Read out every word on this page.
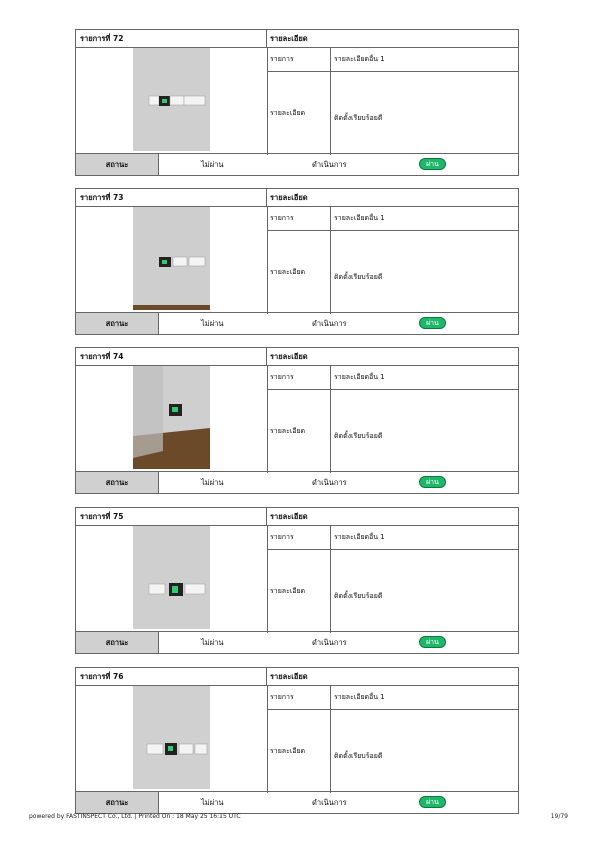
รายการที่ 72	รายละเอียด
รายการ	รายละเอียดอื่น 1
รายละเอียด
ติดตั้งเรียบร้อยดี
สถานะ	ไม่ผ่าน	ดำเนินการ	ผ่าน
รายการที่ 73	รายละเอียด
รายการ	รายละเอียดอื่น 1
รายละเอียด
ติดตั้งเรียบร้อยดี
สถานะ	ไม่ผ่าน	ดำเนินการ	ผ่าน
รายการที่ 74	รายละเอียด
รายการ	รายละเอียดอื่น 1
รายละเอียด
ติดตั้งเรียบร้อยดี
สถานะ	ไม่ผ่าน	ดำเนินการ	ผ่าน
รายการที่ 75	รายละเอียด
รายการ	รายละเอียดอื่น 1
รายละเอียด
ติดตั้งเรียบร้อยดี
สถานะ	ไม่ผ่าน	ดำเนินการ	ผ่าน
รายการที่ 76	รายละเอียด
รายการ	รายละเอียดอื่น 1
รายละเอียด
ติดตั้งเรียบร้อยดี
สถานะ	ไม่ผ่าน	ดำเนินการ	ผ่าน
powered by FASTINSPECT Co., Ltd. | Printed On : 18 May 25 16:15 UTC	19/79
